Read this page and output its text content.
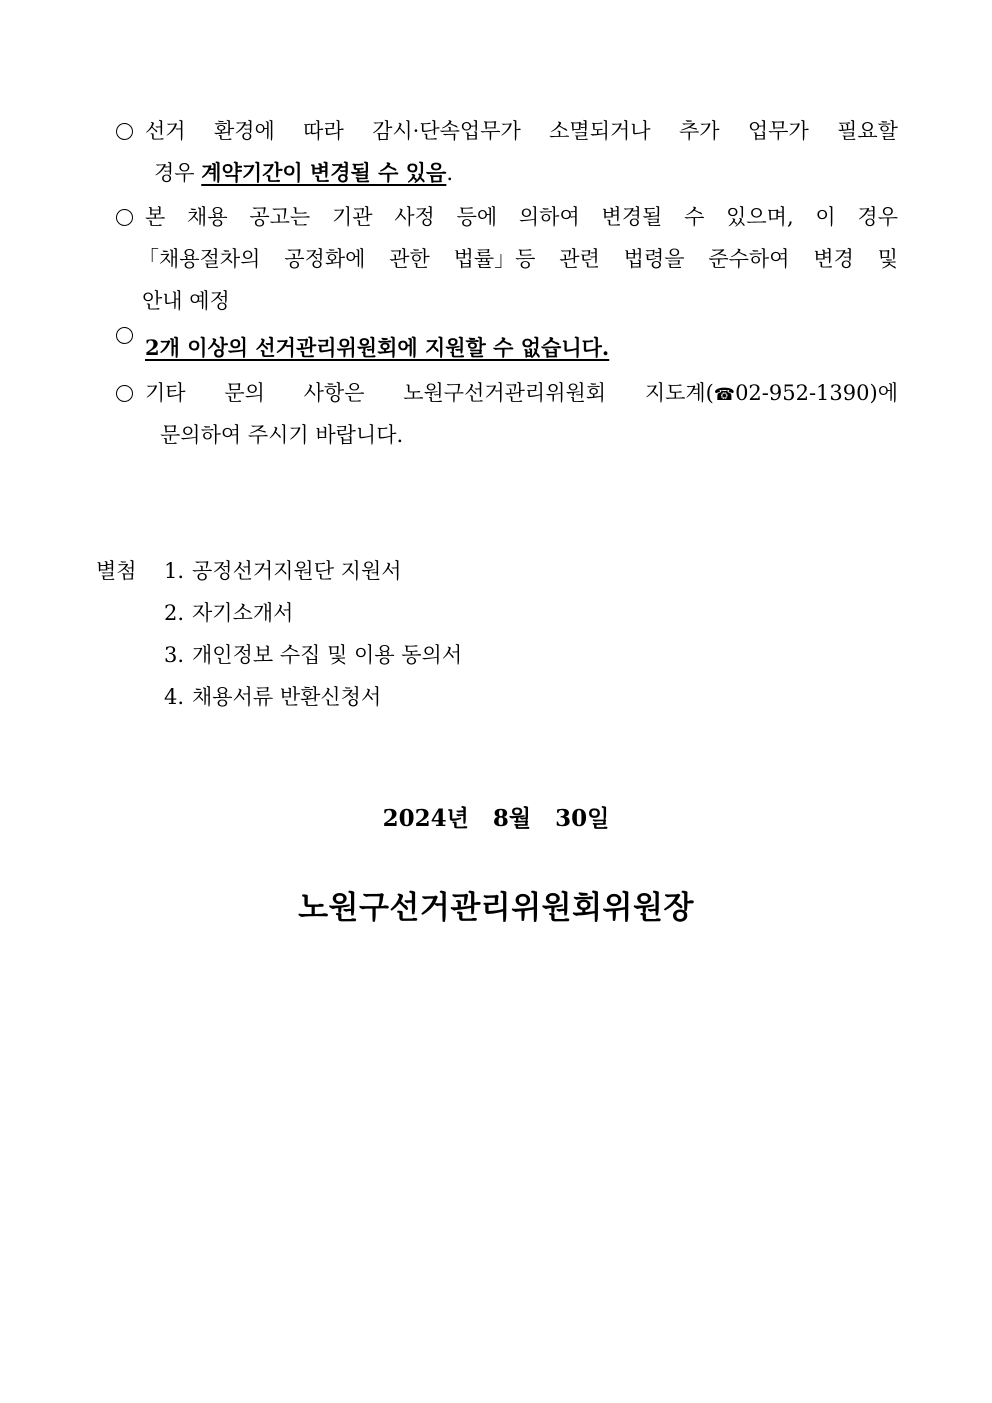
선거 환경에 따라 감시·단속업무가 소멸되거나 추가 업무가 필요할
경우 계약기간이 변경될 수 있음 .
본 채용 공고는 기관 사정 등에 의하여 변경될 수 있으며, 이 경우
「채용절차의 공정화에 관한 법률」등 관련 법령을 준수하여 변경 및
안내 예정
2개 이상의 선거관리위원회에 지원할 수 없습니다.
기타 문의 사항은 노원구선거관리위원회 지도계(☎02-952-1390)에
문의하여 주시기 바랍니다.
별첨	1. 공정선거지원단 지원서
2. 자기소개서
3. 개인정보 수집 및 이용 동의서
4. 채용서류 반환신청서
2024년   8월   30일
노원구선거관리위원회위원장
